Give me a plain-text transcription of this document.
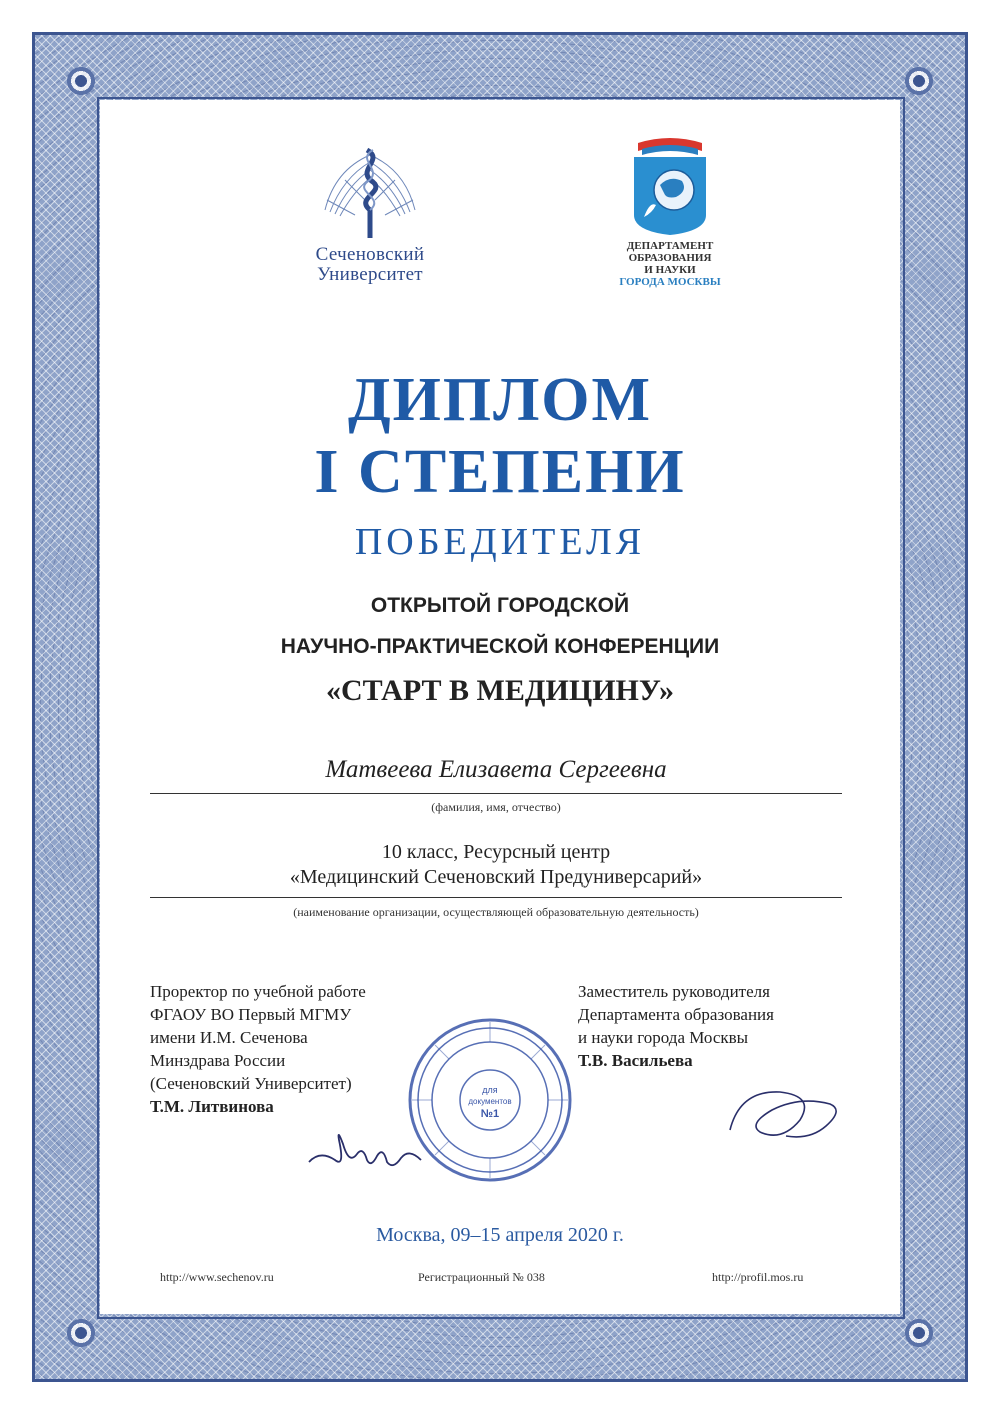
Сеченовский
Университет
ДЕПАРТАМЕНТ
ОБРАЗОВАНИЯ
И НАУКИ
ГОРОДА МОСКВЫ
ДИПЛОМ
I СТЕПЕНИ
ПОБЕДИТЕЛЯ
ОТКРЫТОЙ ГОРОДСКОЙ
НАУЧНО-ПРАКТИЧЕСКОЙ КОНФЕРЕНЦИИ
«СТАРТ В МЕДИЦИНУ»
Матвеева Елизавета Сергеевна
(фамилия, имя, отчество)
10 класс, Ресурсный центр
«Медицинский Сеченовский Предуниверсарий»
(наименование организации, осуществляющей образовательную деятельность)
Проректор по учебной работе
ФГАОУ ВО Первый МГМУ
имени И.М. Сеченова
Минздрава России
(Сеченовский Университет)
Т.М. Литвинова
Заместитель руководителя
Департамента образования
и науки города Москвы
Т.В. Васильева
для
документов
№1
Москва, 09–15 апреля 2020 г.
http://www.sechenov.ru	Регистрационный № 038	http://profil.mos.ru
